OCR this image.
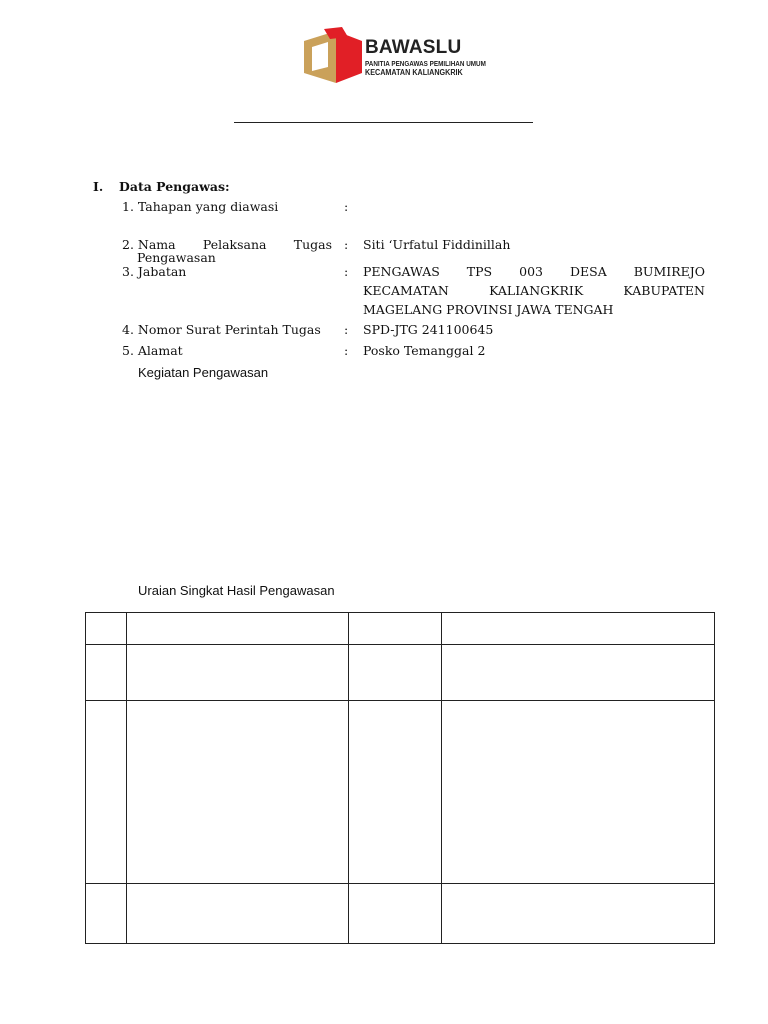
BAWASLU
PANITIA PENGAWAS PEMILIHAN UMUM
KECAMATAN KALIANGKRIK
I. Data Pengawas:
1. Tahapan yang diawasi	:
2. Nama Pelaksana Tugas : Siti ‘Urfatul Fiddinillah
Pengawasan
3. Jabatan	: PENGAWAS TPS 003 DESA BUMIREJO
KECAMATAN KALIANGKRIK KABUPATEN
MAGELANG PROVINSI JAWA TENGAH
4. Nomor Surat Perintah Tugas	: SPD-JTG 241100645
5. Alamat	: Posko Temanggal 2
Kegiatan Pengawasan
Uraian Singkat Hasil Pengawasan
